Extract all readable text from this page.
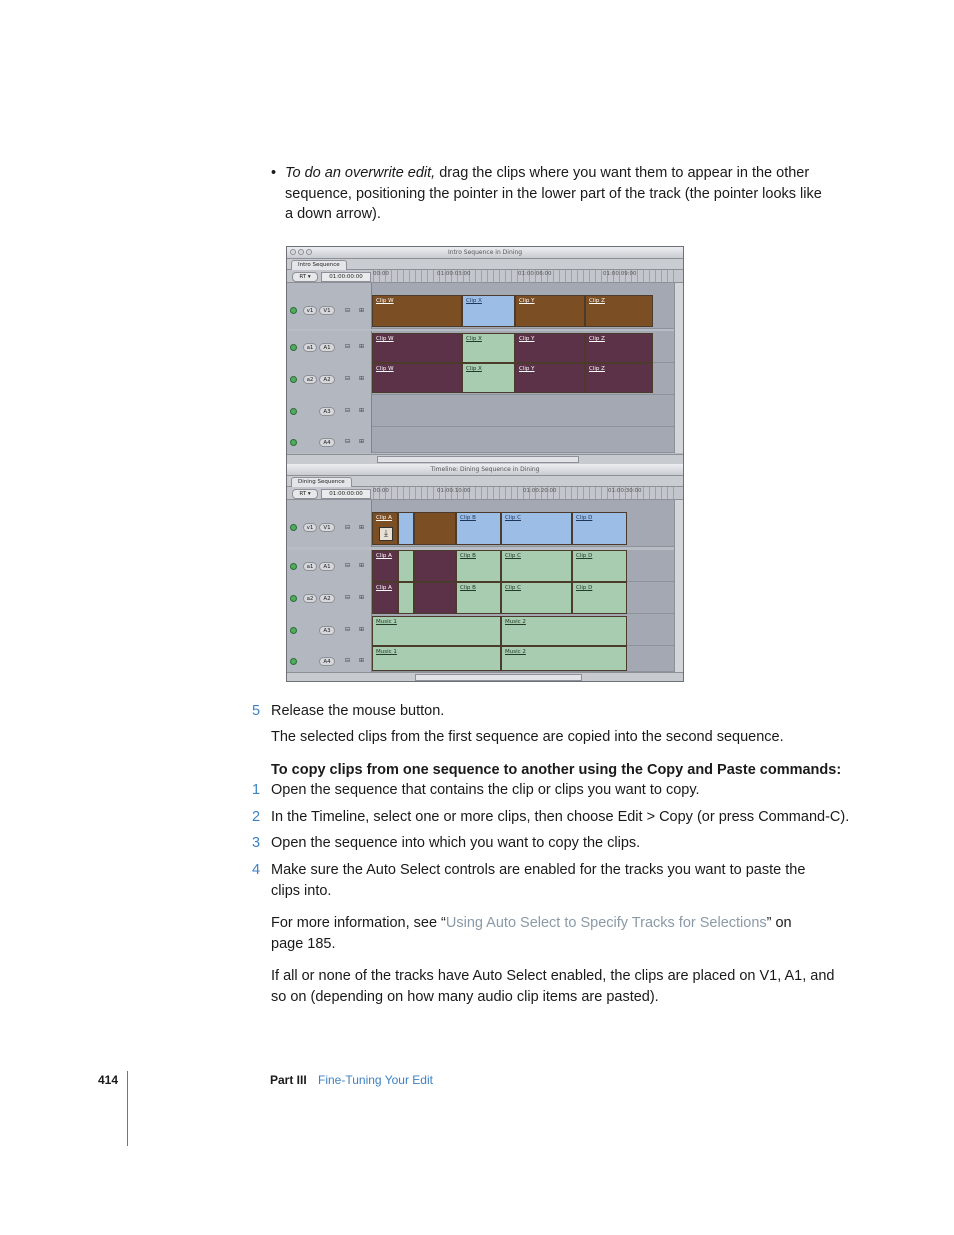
• To do an overwrite edit, drag the clips where you want them to appear in the other
sequence, positioning the pointer in the lower part of the track (the pointer looks like
a down arrow).
Intro Sequence in Dining
Intro Sequence
RT ▾	01:00:00:00	00:00	01:00:03:00	01:00:06:00	01:00:09:00
v1	V1	⊟ ⊞
Clip W	Clip X	Clip Y	Clip Z
a1	A1	⊟ ⊞
Clip W	Clip X	Clip Y	Clip Z
a2	A2	⊟ ⊞
Clip W	Clip X	Clip Y	Clip Z
A3	⊟ ⊞
A4	⊟ ⊞
Timeline: Dining Sequence in Dining
Dining Sequence
RT ▾	01:00:00:00	00:00	01:00:10:00	01:00:20:00	01:00:30:00
v1	V1	⊟ ⊞
Clip A
⤓
Clip B	Clip C	Clip D
a1	A1	⊟ ⊞
Clip A	Clip B	Clip C	Clip D
a2	A2	⊟ ⊞
Clip A	Clip B	Clip C	Clip D
A3	⊟ ⊞
Music 1	Music 2
A4	⊟ ⊞
Music 1	Music 2
5 Release the mouse button.
The selected clips from the first sequence are copied into the second sequence.
To copy clips from one sequence to another using the Copy and Paste commands:
1 Open the sequence that contains the clip or clips you want to copy.
2 In the Timeline, select one or more clips, then choose Edit > Copy (or press Command-C).
3 Open the sequence into which you want to copy the clips.
4 Make sure the Auto Select controls are enabled for the tracks you want to paste the
clips into.
For more information, see “Using Auto Select to Specify Tracks for Selections” on
page 185.
If all or none of the tracks have Auto Select enabled, the clips are placed on V1, A1, and
so on (depending on how many audio clip items are pasted).
414	Part III Fine-Tuning Your Edit
